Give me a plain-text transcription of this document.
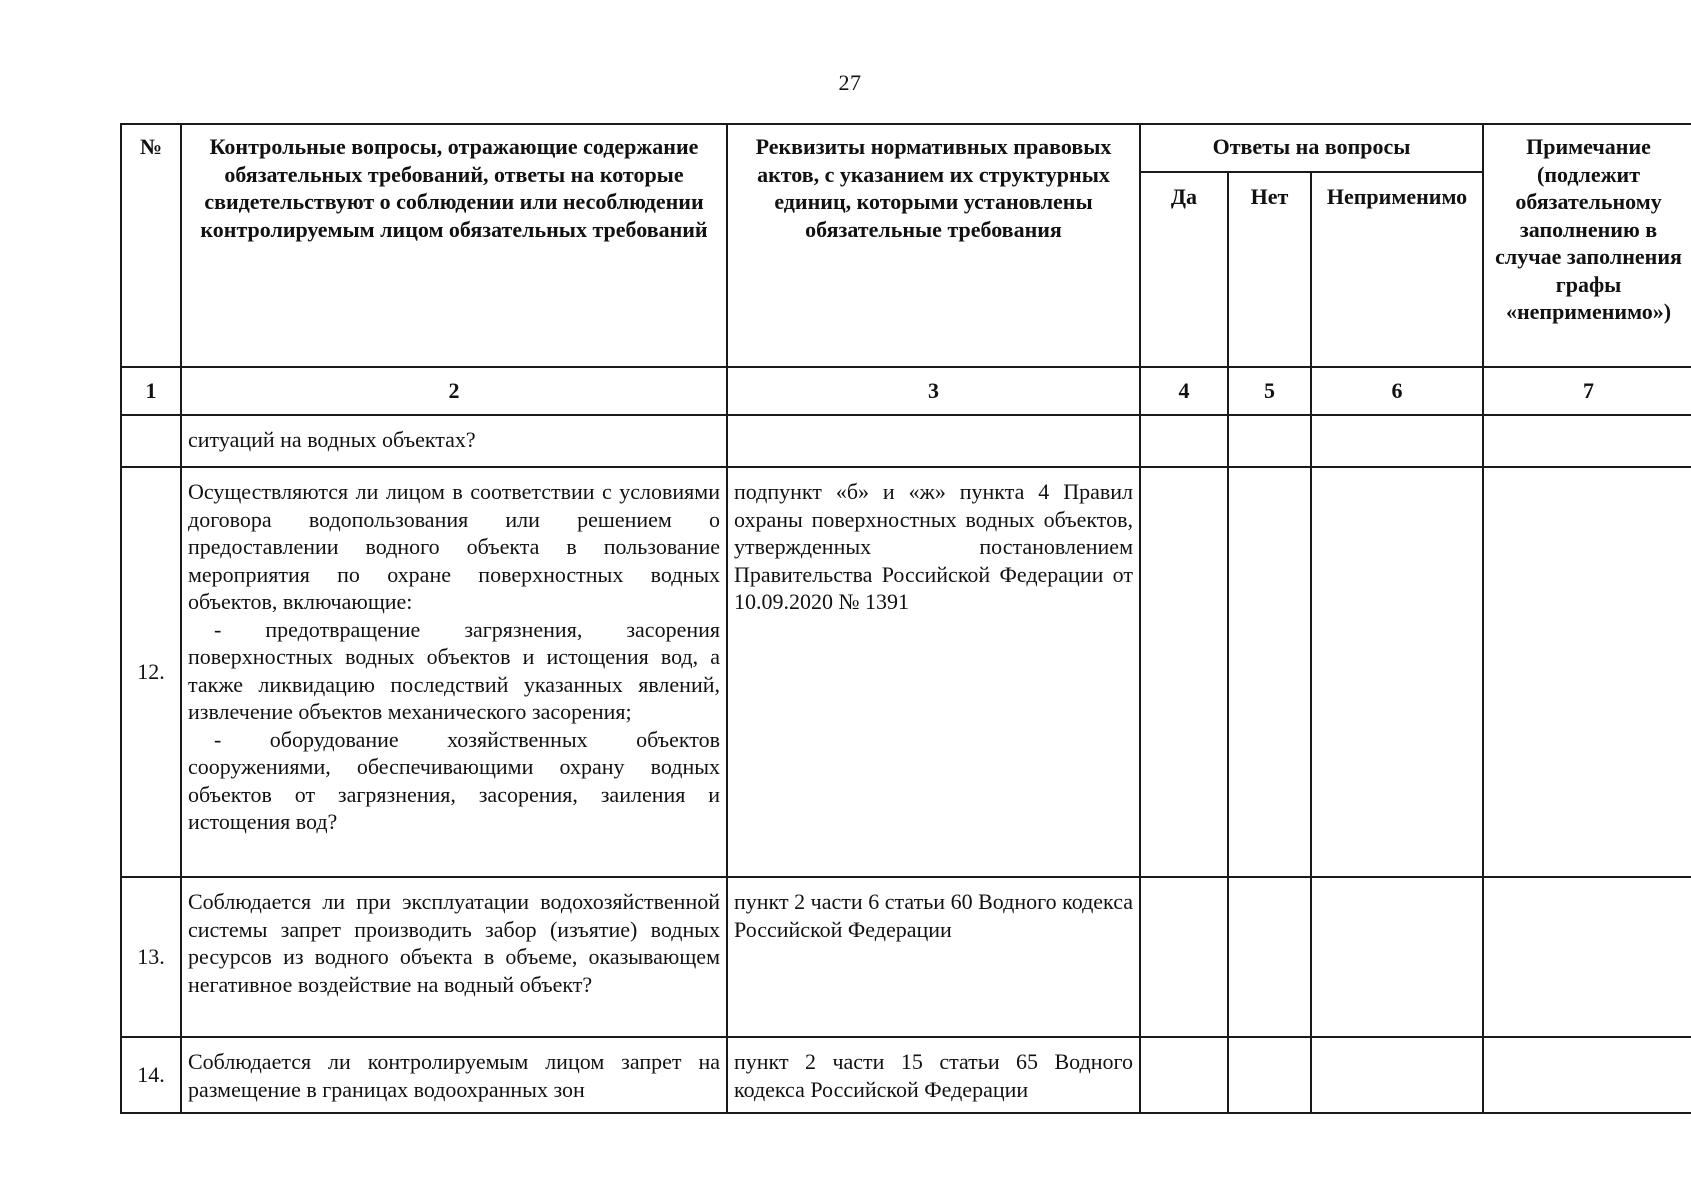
27
№	Контрольные вопросы, отражающие содержание обязательных требований, ответы на которые свидетельствуют о соблюдении или несоблюдении контролируемым лицом обязательных требований	Реквизиты нормативных правовых актов, с указанием их структурных единиц, которыми установлены обязательные требования	Ответы на вопросы			Примечание (подлежит обязательному заполнению в случае заполнения графы «неприменимо»)
			Да	Нет	Неприменимо	
1	2	3	4	5	6	7
	ситуаций на водных объектах?					
12.	Осуществляются ли лицом в соответствии с условиями договора водопользования или решением о предоставлении водного объекта в пользование мероприятия по охране поверхностных водных объектов, включающие:
- предотвращение загрязнения, засорения поверхностных водных объектов и истощения вод, а также ликвидацию последствий указанных явлений, извлечение объектов механического засорения;
- оборудование хозяйственных объектов сооружениями, обеспечивающими охрану водных объектов от загрязнения, засорения, заиления и истощения вод?	подпункт «б» и «ж» пункта 4 Правил охраны поверхностных водных объектов, утвержденных постановлением Правительства Российской Федерации от 10.09.2020 № 1391				
13.	Соблюдается ли при эксплуатации водохозяйственной системы запрет производить забор (изъятие) водных ресурсов из водного объекта в объеме, оказывающем негативное воздействие на водный объект?	пункт 2 части 6 статьи 60 Водного кодекса Российской Федерации				
14.	Соблюдается ли контролируемым лицом запрет на размещение в границах водоохранных зон	пункт 2 части 15 статьи 65 Водного кодекса Российской Федерации				
